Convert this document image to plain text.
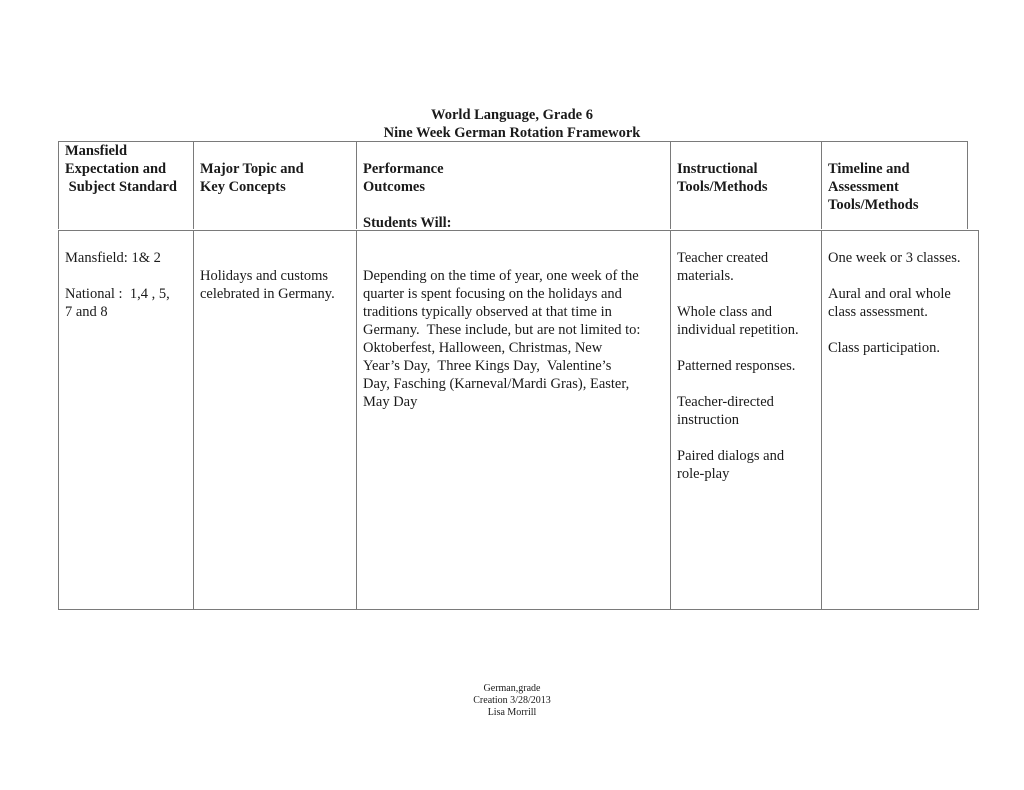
World Language, Grade 6
Nine Week German Rotation Framework
Mansfield
Expectation and
Subject Standard
Major Topic and
Key Concepts
Performance
Outcomes
Students Will:
Instructional
Tools/Methods
Timeline and
Assessment
Tools/Methods
Mansfield: 1& 2
National :  1,4 , 5,
7 and 8
Holidays and customs
celebrated in Germany.
Depending on the time of year, one week of the
quarter is spent focusing on the holidays and
traditions typically observed at that time in
Germany.  These include, but are not limited to:
Oktoberfest, Halloween, Christmas, New
Year’s Day,  Three Kings Day,  Valentine’s
Day, Fasching (Karneval/Mardi Gras), Easter,
May Day
Teacher created
materials.
Whole class and
individual repetition.
Patterned responses.
Teacher-directed
instruction
Paired dialogs and
role-play
One week or 3 classes.
Aural and oral whole
class assessment.
Class participation.
German,grade
Creation 3/28/2013
Lisa Morrill
